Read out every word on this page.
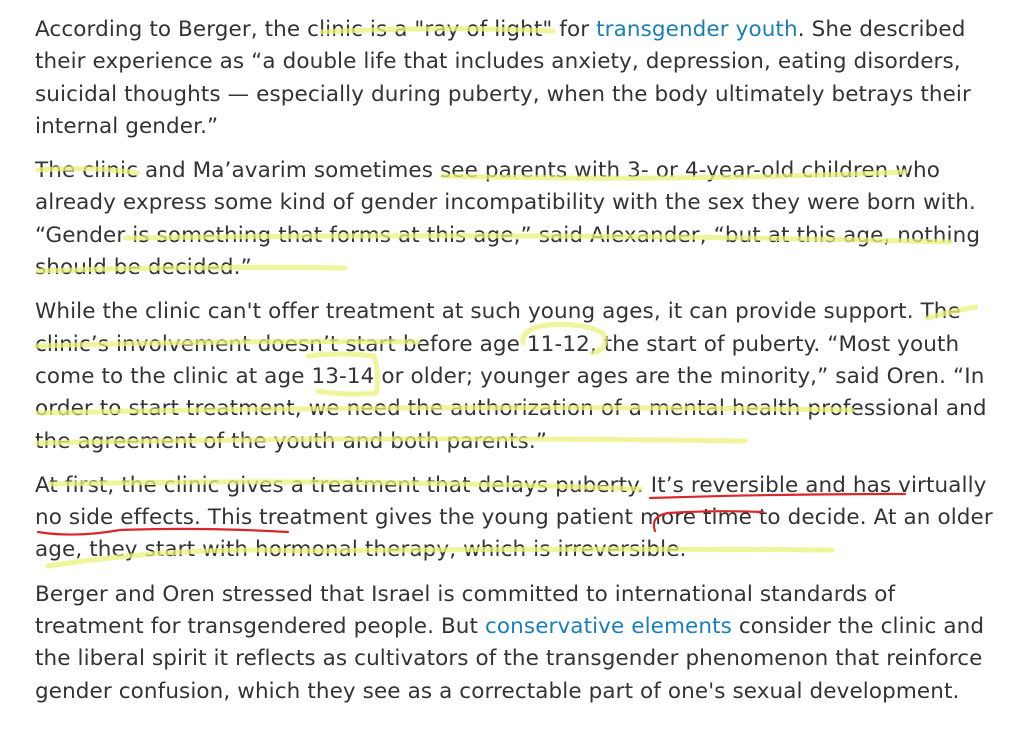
According to Berger, the clinic is a "ray of light" for transgender youth. She described their experience as “a double life that includes anxiety, depression, eating disorders, suicidal thoughts — especially during puberty, when the body ultimately betrays their internal gender.”

The clinic and Ma’avarim sometimes see parents with 3- or 4-year-old children who already express some kind of gender incompatibility with the sex they were born with. “Gender is something that forms at this age,” said Alexander, “but at this age, nothing should be decided.”

While the clinic can't offer treatment at such young ages, it can provide support. The clinic’s involvement doesn’t start before age 11-12, the start of puberty. “Most youth come to the clinic at age 13-14 or older; younger ages are the minority,” said Oren. “In order to start treatment, we need the authorization of a mental health professional and the agreement of the youth and both parents.”

At first, the clinic gives a treatment that delays puberty. It’s reversible and has virtually no side effects. This treatment gives the young patient more time to decide. At an older age, they start with hormonal therapy, which is irreversible.

Berger and Oren stressed that Israel is committed to international standards of treatment for transgendered people. But conservative elements consider the clinic and the liberal spirit it reflects as cultivators of the transgender phenomenon that reinforce gender confusion, which they see as a correctable part of one's sexual development.
